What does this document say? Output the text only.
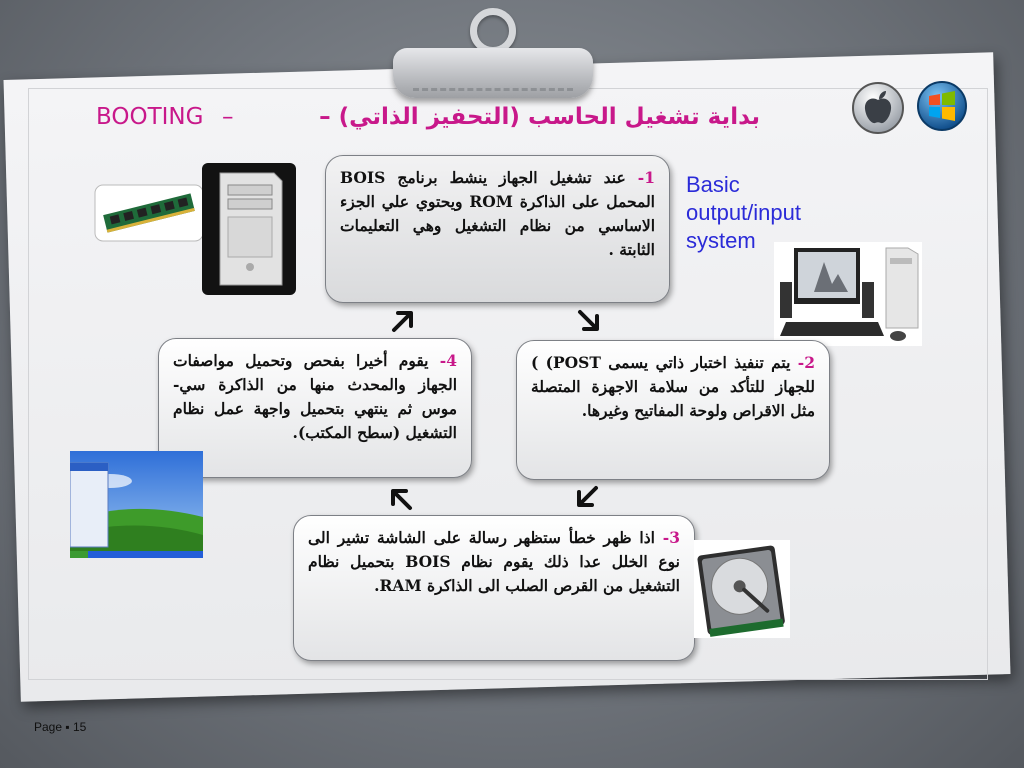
BOOTING –	بداية تشغيل الحاسب (التحفيز الذاتي) –
1- عند تشغيل الجهاز ينشط برنامج BOIS المحمل على الذاكرة ROM ويحتوي علي الجزء الاساسي من نظام التشغيل وهي التعليمات الثابتة .
Basic output/input system
4- يقوم أخيرا بفحص وتحميل مواصفات الجهاز والمحدث منها من الذاكرة سي- موس ثم ينتهي بتحميل واجهة عمل نظام التشغيل (سطح المكتب).
2- يتم تنفيذ اختبار ذاتي يسمى POST) ) للجهاز للتأكد من سلامة الاجهزة المتصلة مثل الاقراص ولوحة المفاتيح وغيرها.
3- اذا ظهر خطأ ستظهر رسالة على الشاشة تشير الى نوع الخلل عدا ذلك يقوم نظام BOIS بتحميل نظام التشغيل من القرص الصلب الى الذاكرة RAM.
Page ▪ 15
